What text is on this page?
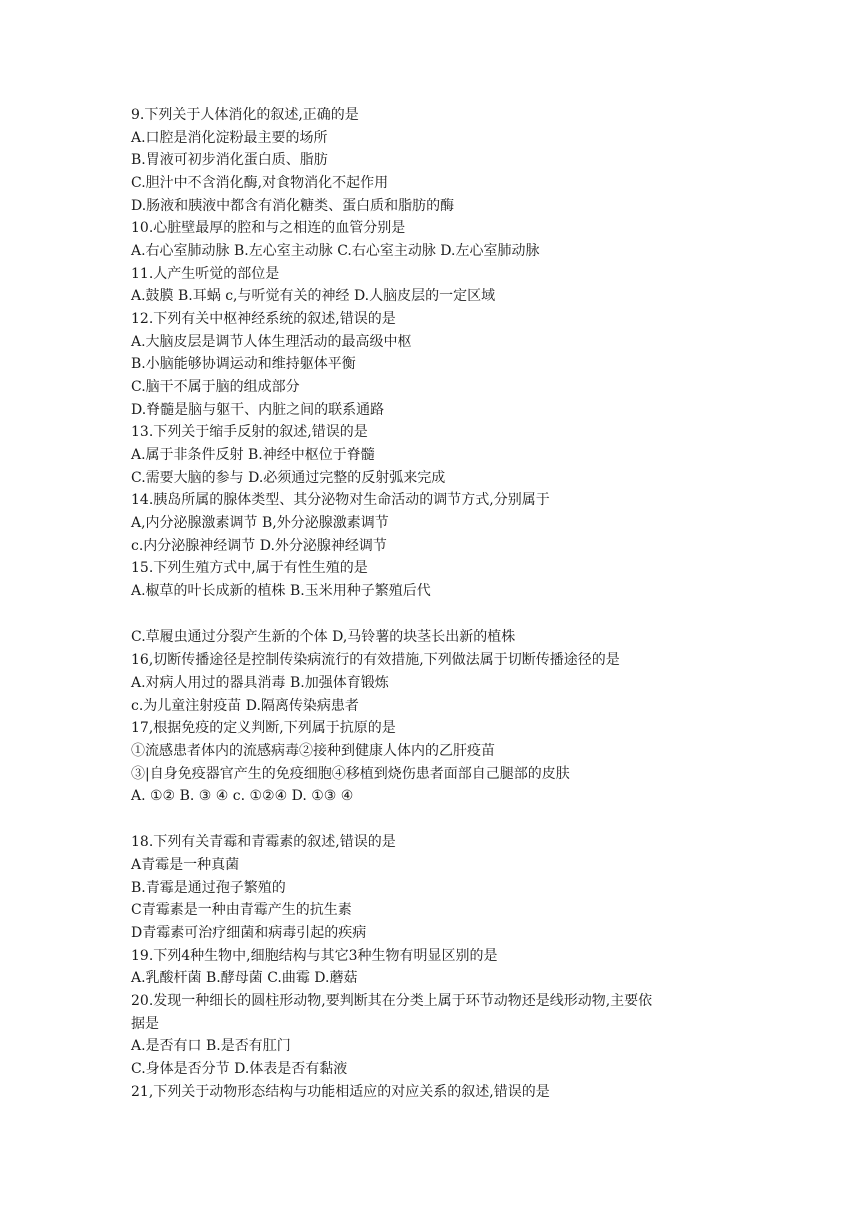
9.下列关于人体消化的叙述,正确的是
A.口腔是消化淀粉最主要的场所
B.胃液可初步消化蛋白质、脂肪
C.胆汁中不含消化酶,对食物消化不起作用
D.肠液和胰液中都含有消化糖类、蛋白质和脂肪的酶
10.心脏壁最厚的腔和与之相连的血管分别是
A.右心室肺动脉 B.左心室主动脉 C.右心室主动脉 D.左心室肺动脉
11.人产生听觉的部位是
A.鼓膜 B.耳蜗 c,与听觉有关的神经 D.人脑皮层的一定区域
12.下列有关中枢神经系统的叙述,错误的是
A.大脑皮层是调节人体生理活动的最高级中枢
B.小脑能够协调运动和维持躯体平衡
C.脑干不属于脑的组成部分
D.脊髓是脑与躯干、内脏之间的联系通路
13.下列关于缩手反射的叙述,错误的是
A.属于非条件反射 B.神经中枢位于脊髓
C.需要大脑的参与 D.必须通过完整的反射弧来完成
14.胰岛所属的腺体类型、其分泌物对生命活动的调节方式,分别属于
A,内分泌腺激素调节 B,外分泌腺激素调节
c.内分泌腺神经调节 D.外分泌腺神经调节
15.下列生殖方式中,属于有性生殖的是
A.椒草的叶长成新的植株 B.玉米用种子繁殖后代
C.草履虫通过分裂产生新的个体 D,马铃薯的块茎长出新的植株
16,切断传播途径是控制传染病流行的有效措施,下列做法属于切断传播途径的是
A.对病人用过的器具消毒 B.加强体育锻炼
c.为儿童注射疫苗 D.隔离传染病患者
17,根据免疫的定义判断,下列属于抗原的是
①流感患者体内的流感病毒②接种到健康人体内的乙肝疫苗
③|自身免疫器官产生的免疫细胞④移植到烧伤患者面部自己腿部的皮肤
A. ①② B. ③ ④ c. ①②④ D. ①③ ④
18.下列有关青霉和青霉素的叙述,错误的是
A青霉是一种真菌
B.青霉是通过孢子繁殖的
C青霉素是一种由青霉产生的抗生素
D青霉素可治疗细菌和病毒引起的疾病
19.下列4种生物中,细胞结构与其它3种生物有明显区别的是
A.乳酸杆菌 B.酵母菌 C.曲霉 D.蘑菇
20.发现一种细长的圆柱形动物,要判断其在分类上属于环节动物还是线形动物,主要依
据是
A.是否有口 B.是否有肛门
C.身体是否分节 D.体表是否有黏液
21,下列关于动物形态结构与功能相适应的对应关系的叙述,错误的是
